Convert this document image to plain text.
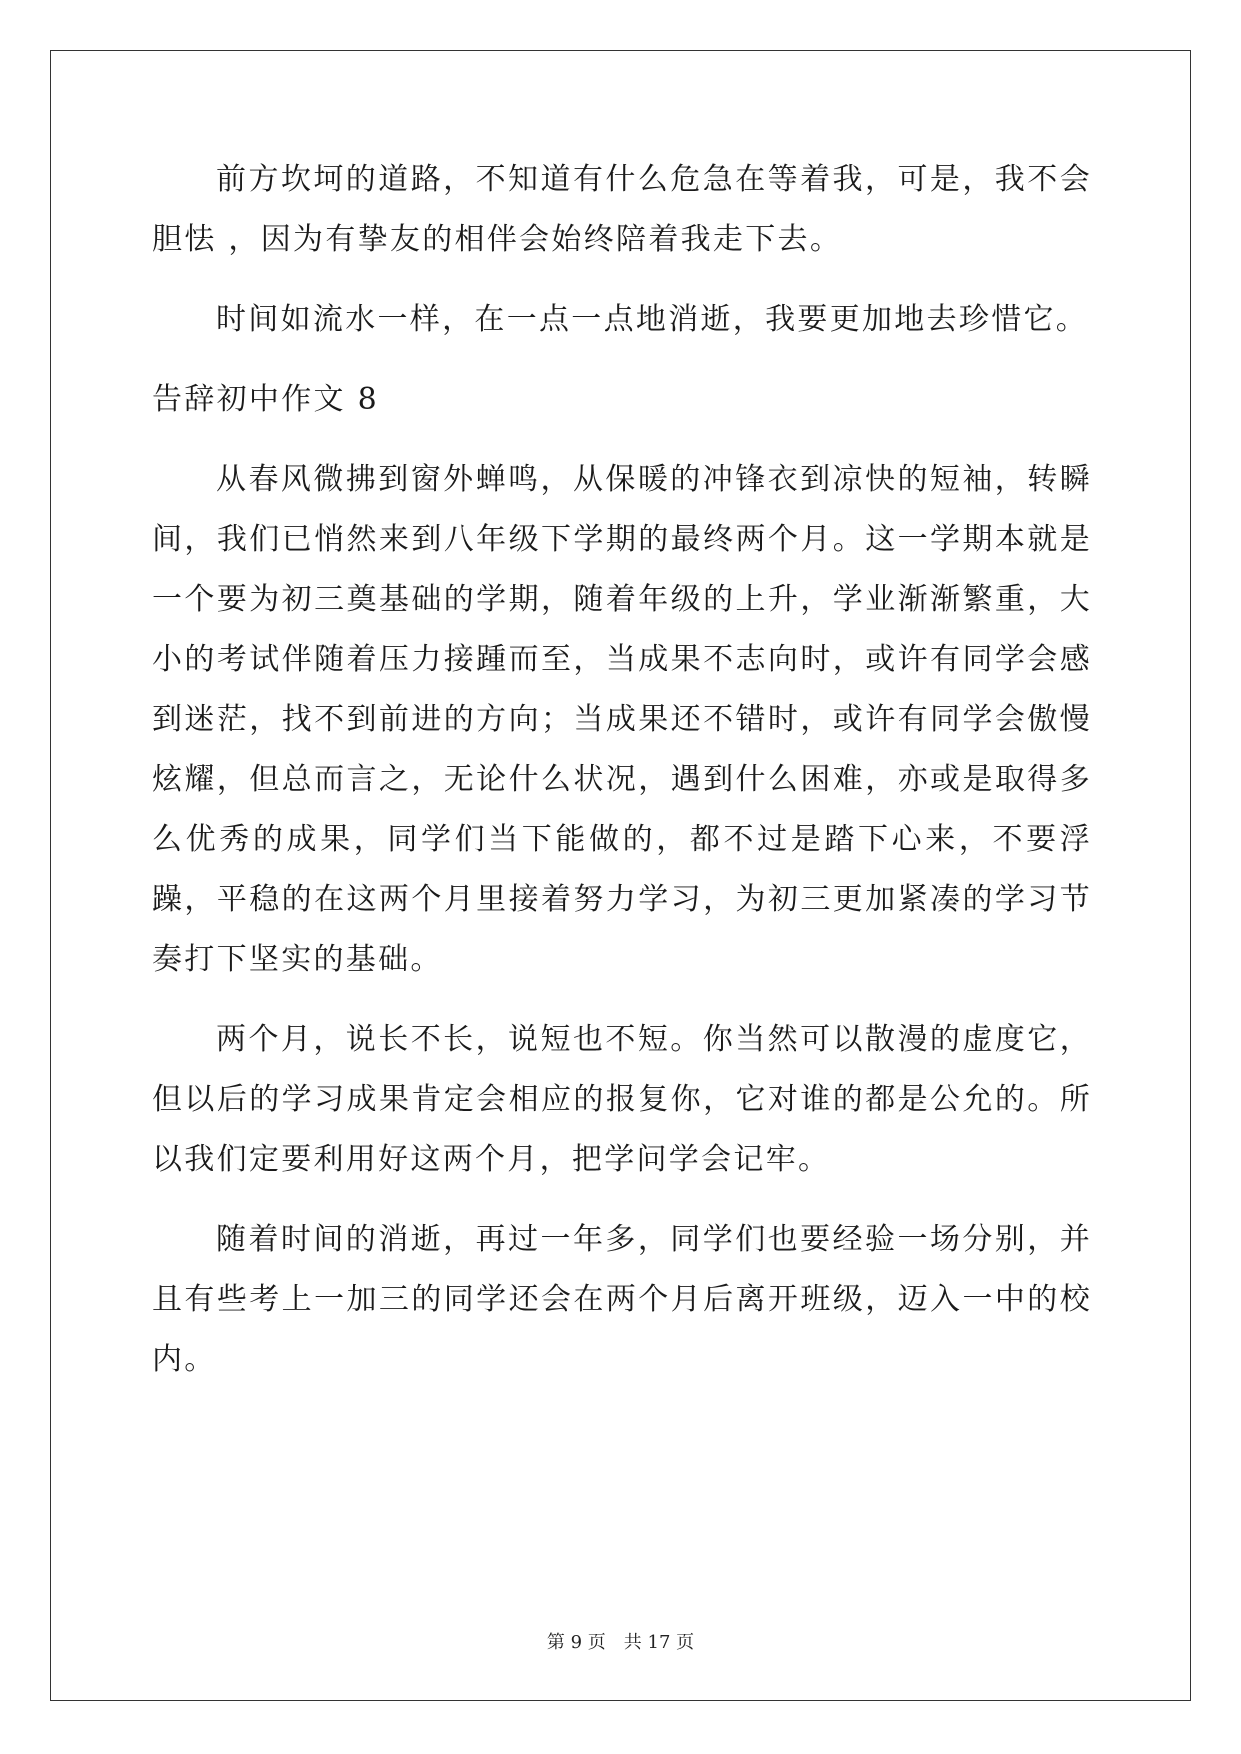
前方坎坷的道路，不知道有什么危急在等着我，可是，我不会胆怯 ，因为有挚友的相伴会始终陪着我走下去。

时间如流水一样，在一点一点地消逝，我要更加地去珍惜它。

告辞初中作文 8

从春风微拂到窗外蝉鸣，从保暖的冲锋衣到凉快的短袖，转瞬间，我们已悄然来到八年级下学期的最终两个月。这一学期本就是一个要为初三奠基础的学期，随着年级的上升，学业渐渐繁重，大小的考试伴随着压力接踵而至，当成果不志向时，或许有同学会感到迷茫，找不到前进的方向；当成果还不错时，或许有同学会傲慢炫耀，但总而言之，无论什么状况，遇到什么困难，亦或是取得多么优秀的成果，同学们当下能做的，都不过是踏下心来，不要浮躁，平稳的在这两个月里接着努力学习，为初三更加紧凑的学习节奏打下坚实的基础。

两个月，说长不长，说短也不短。你当然可以散漫的虚度它，但以后的学习成果肯定会相应的报复你，它对谁的都是公允的。所以我们定要利用好这两个月，把学问学会记牢。

随着时间的消逝，再过一年多，同学们也要经验一场分别，并且有些考上一加三的同学还会在两个月后离开班级，迈入一中的校内。

第 9 页 共 17 页
